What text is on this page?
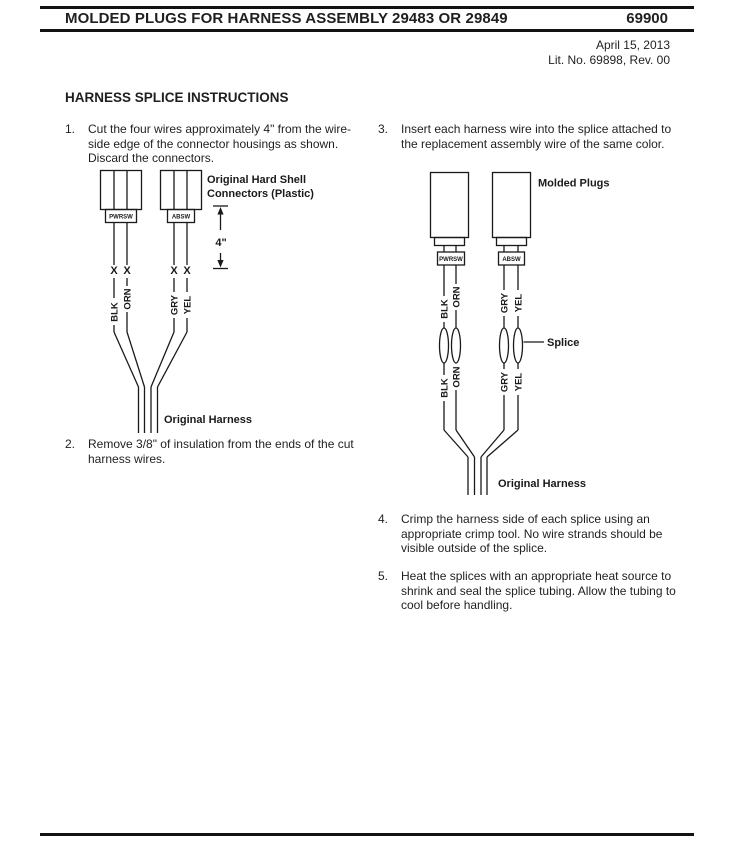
MOLDED PLUGS FOR HARNESS ASSEMBLY 29483 OR 29849	69900
April 15, 2013
Lit. No. 69898, Rev. 00
HARNESS SPLICE INSTRUCTIONS
1.	Cut the four wires approximately 4" from the wire-side edge of the connector housings as shown. Discard the connectors.
2.	Remove 3/8" of insulation from the ends of the cut harness wires.
3.	Insert each harness wire into the splice attached to the replacement assembly wire of the same color.
4.	Crimp the harness side of each splice using an appropriate crimp tool. No wire strands should be visible outside of the splice.
5.	Heat the splices with an appropriate heat source to shrink and seal the splice tubing. Allow the tubing to cool before handling.
PWRSW	ABSW
Original Hard Shell
Connectors (Plastic)
4"
X X	X X
BLK
ORN	GRY YEL
Original Harness
PWRSW	ABSW
Molded Plugs
BLK
ORN	GRY YEL
Splice
BLK
ORN	GRY YEL
Original Harness
